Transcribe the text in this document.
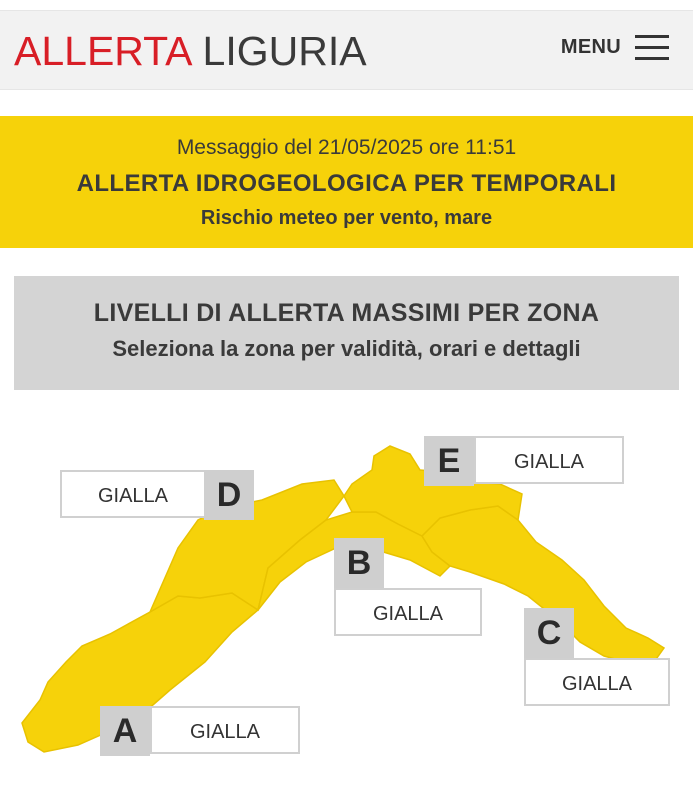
ALLERTA LIGURIA	MENU
Messaggio del 21/05/2025 ore 11:51
ALLERTA IDROGEOLOGICA PER TEMPORALI
Rischio meteo per vento, mare
LIVELLI DI ALLERTA MASSIMI PER ZONA
Seleziona la zona per validità, orari e dettagli
GIALLA	D
E	GIALLA
B
GIALLA	C
GIALLA
A	GIALLA
